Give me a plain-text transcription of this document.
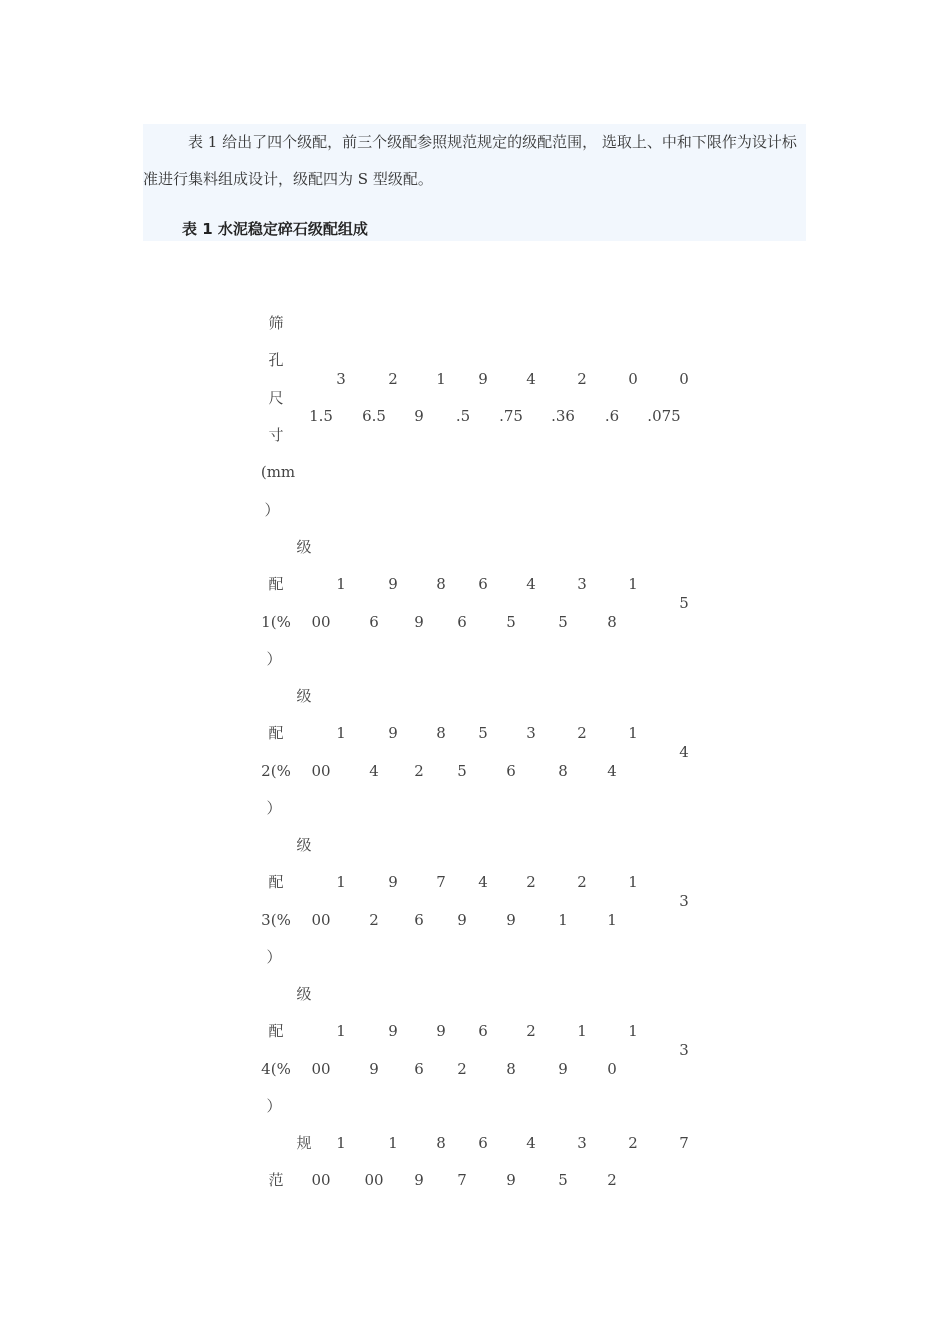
表 1 给出了四个级配，前三个级配参照规范规定的级配范围， 选取上、中和下限作为设计标准进行集料组成设计，级配四为 S 型级配。

表 1 水泥稳定碎石级配组成

筛
孔
尺
寸
(mm
）
3
1.5
2
6.5
1
9
9
.5
4
.75
2
.36
0
.6
0
.075
级
配
1(%
）
1
00
9
6
8
9
6
6
4
5
3
5
1
8
5
级
配
2(%
）
1
00
9
4
8
2
5
5
3
6
2
8
1
4
4
级
配
3(%
）
1
00
9
2
7
6
4
9
2
9
2
1
1
1
3
级
配
4(%
）
1
00
9
9
9
6
6
2
2
8
1
9
1
0
3
规
范
1
00
1
00
8
9
6
7
4
9
3
5
2
2
7
